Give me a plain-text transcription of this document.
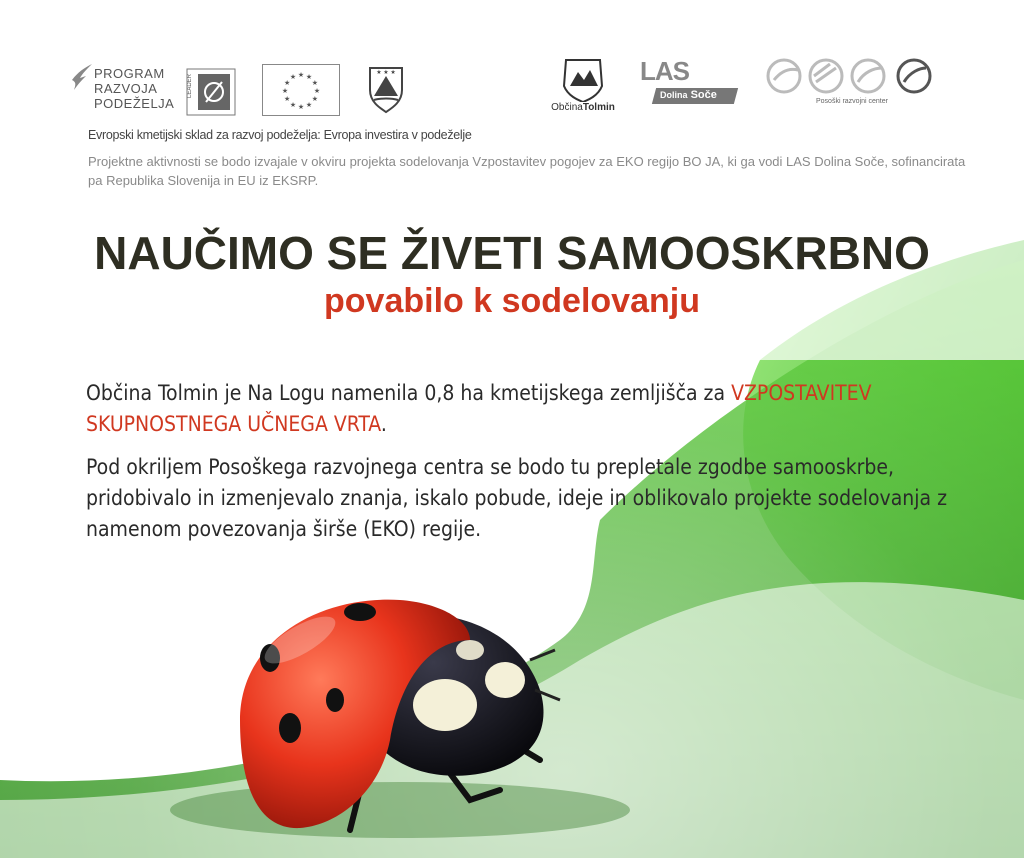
PROGRAM
RAZVOJA
PODEŽELJA
LEADER	★
★
★
★
★
★
★
★
★ ★ ★
★
★ ★ ★
ObčinaTolmin
LAS
Dolina Soče
Posoški razvojni center
Evropski kmetijski sklad za razvoj podeželja: Evropa investira v podeželje
Projektne aktivnosti se bodo izvajale v okviru projekta sodelovanja Vzpostavitev pogojev za EKO regijo BO JA, ki ga vodi LAS Dolina Soče, sofinancirata pa Republika Slovenija in EU iz EKSRP.
NAUČIMO SE ŽIVETI SAMOOSKRBNO
povabilo k sodelovanju

Občina Tolmin je Na Logu namenila 0,8 ha kmetijskega zemljišča za VZPOSTAVITEV SKUPNOSTNEGA UČNEGA VRTA.

Pod okriljem Posoškega razvojnega centra se bodo tu prepletale zgodbe samooskrbe, pridobivalo in izmenjevalo znanja, iskalo pobude, ideje in oblikovalo projekte sodelovanja z namenom povezovanja širše (EKO) regije.
